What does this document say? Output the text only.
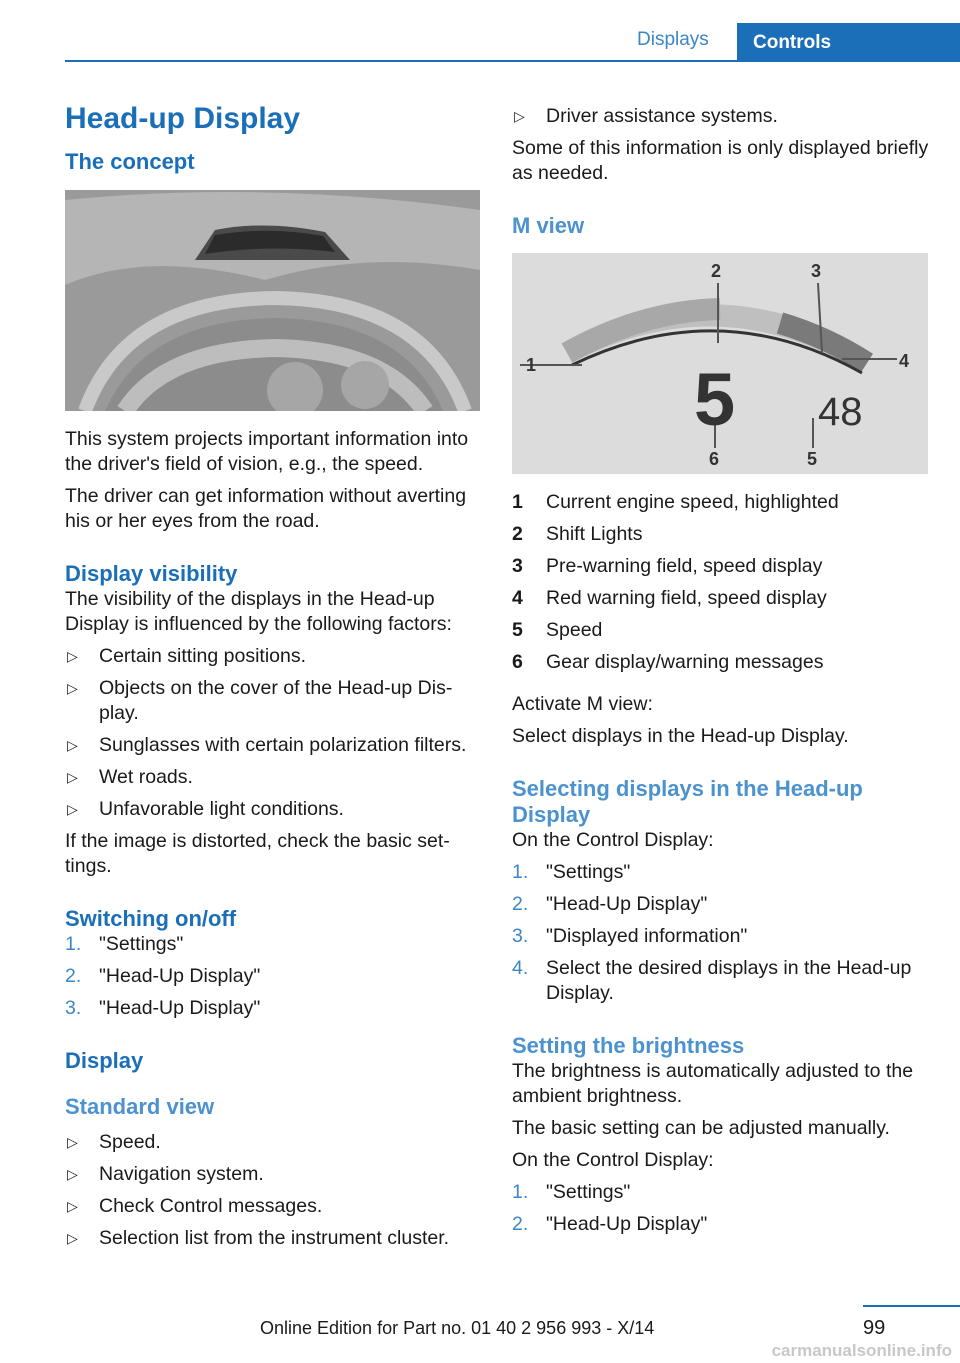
Displays	Controls
Head-up Display
The concept

This system projects important information into the driver's field of vision, e.g., the speed.

The driver can get information without averting his or her eyes from the road.

Display visibility

The visibility of the displays in the Head-up Display is influenced by the following factors:

▷ Certain sitting positions.
▷ Objects on the cover of the Head-up Dis‐ play.
▷ Sunglasses with certain polarization filters.
▷ Wet roads.
▷ Unfavorable light conditions.

If the image is distorted, check the basic set‐ tings.

Switching on/off
1. "Settings"
2. "Head-Up Display"
3. "Head-Up Display"
Display
Standard view
▷ Speed.
▷ Navigation system.
▷ Check Control messages.
▷ Selection list from the instrument cluster.
▷ Driver assistance systems.

Some of this information is only displayed briefly as needed.

M view
1
2	3
4
5
6
5 48
1 Current engine speed, highlighted
2 Shift Lights
3 Pre-warning field, speed display
4 Red warning field, speed display
5 Speed
6 Gear display/warning messages

Activate M view:

Select displays in the Head-up Display.

Selecting displays in the Head-up Display

On the Control Display:

1. "Settings"
2. "Head-Up Display"
3. "Displayed information"
4. Select the desired displays in the Head-up Display.
Setting the brightness

The brightness is automatically adjusted to the ambient brightness.

The basic setting can be adjusted manually.

On the Control Display:

1. "Settings"
2. "Head-Up Display"
99
Online Edition for Part no. 01 40 2 956 993 - X/14
carmanualsonline.info
